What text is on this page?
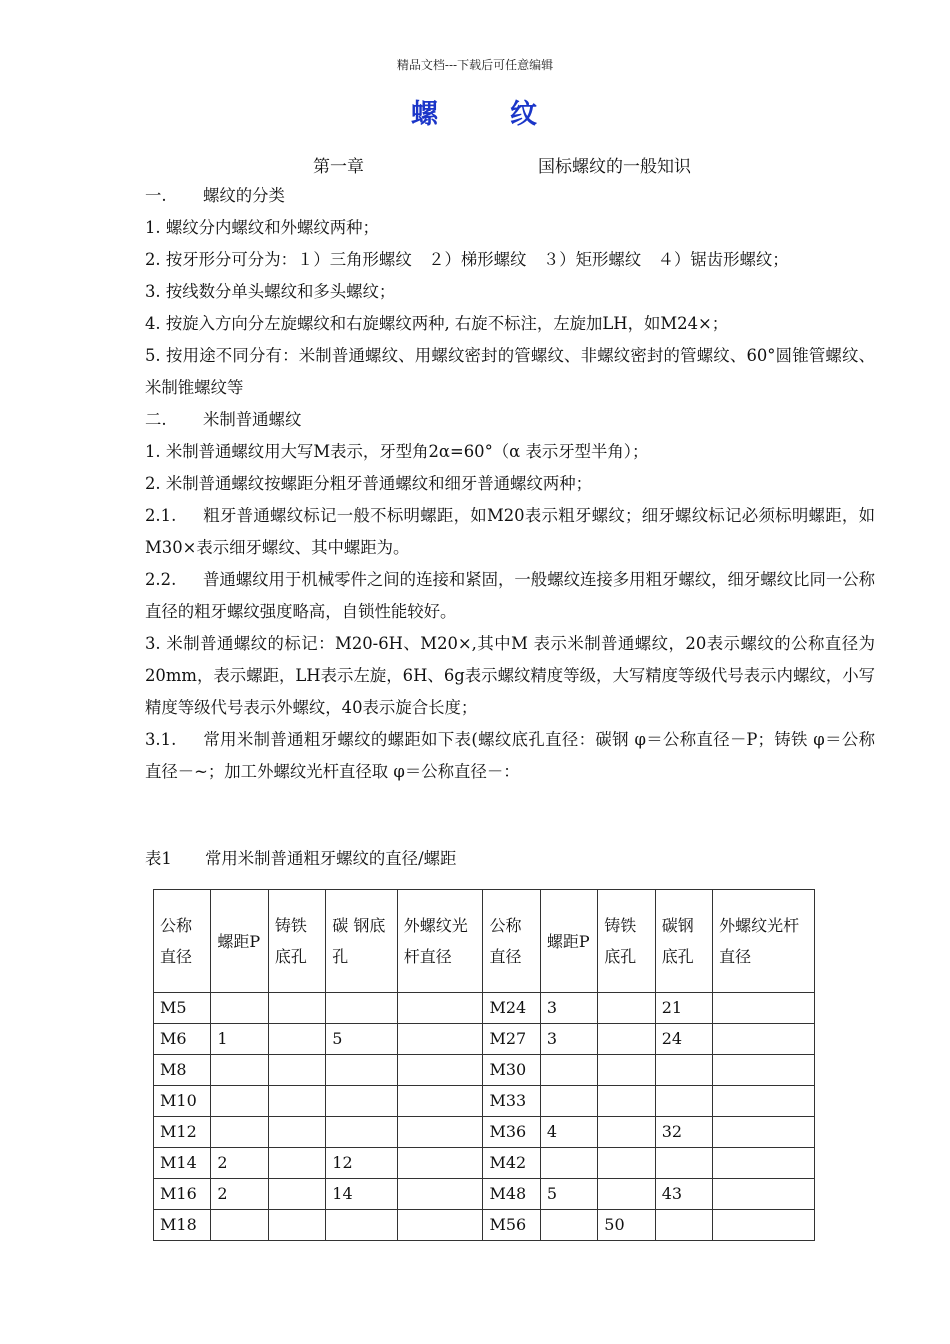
精品文档---下载后可任意编辑
螺	纹
第一章	国标螺纹的一般知识

一. 螺纹的分类

1. 螺纹分内螺纹和外螺纹两种；

2. 按牙形分可分为：１）三角形螺纹　２）梯形螺纹　３）矩形螺纹　４）锯齿形螺纹；

3. 按线数分单头螺纹和多头螺纹；

4. 按旋入方向分左旋螺纹和右旋螺纹两种, 右旋不标注，左旋加LH，如M24×；

5. 按用途不同分有：米制普通螺纹、用螺纹密封的管螺纹、非螺纹密封的管螺纹、60°圆锥管螺纹、米制锥螺纹等

二. 米制普通螺纹

1. 米制普通螺纹用大写M表示，牙型角2α=60°（α 表示牙型半角）；

2. 米制普通螺纹按螺距分粗牙普通螺纹和细牙普通螺纹两种；

2.1. 粗牙普通螺纹标记一般不标明螺距，如M20表示粗牙螺纹；细牙螺纹标记必须标明螺距，如M30×表示细牙螺纹、其中螺距为。

2.2. 普通螺纹用于机械零件之间的连接和紧固，一般螺纹连接多用粗牙螺纹，细牙螺纹比同一公称直径的粗牙螺纹强度略高，自锁性能较好。

3. 米制普通螺纹的标记：M20-6H、M20×,其中M 表示米制普通螺纹，20表示螺纹的公称直径为20mm，表示螺距，LH表示左旋，6H、6g表示螺纹精度等级，大写精度等级代号表示内螺纹，小写精度等级代号表示外螺纹，40表示旋合长度；

3.1. 常用米制普通粗牙螺纹的螺距如下表(螺纹底孔直径：碳钢 φ＝公称直径－P；铸铁 φ＝公称直径－~；加工外螺纹光杆直径取 φ＝公称直径－：

表1 常用米制普通粗牙螺纹的直径/螺距
公称直径	螺距P	铸铁底孔	碳 钢底孔	外螺纹光杆直径	公称直径	螺距P	铸铁底孔	碳钢底孔	外螺纹光杆直径
M5					M24	3		21	
M6	1		5		M27	3		24	
M8					M30				
M10					M33				
M12					M36	4		32	
M14	2		12		M42				
M16	2		14		M48	5		43	
M18					M56		50		
